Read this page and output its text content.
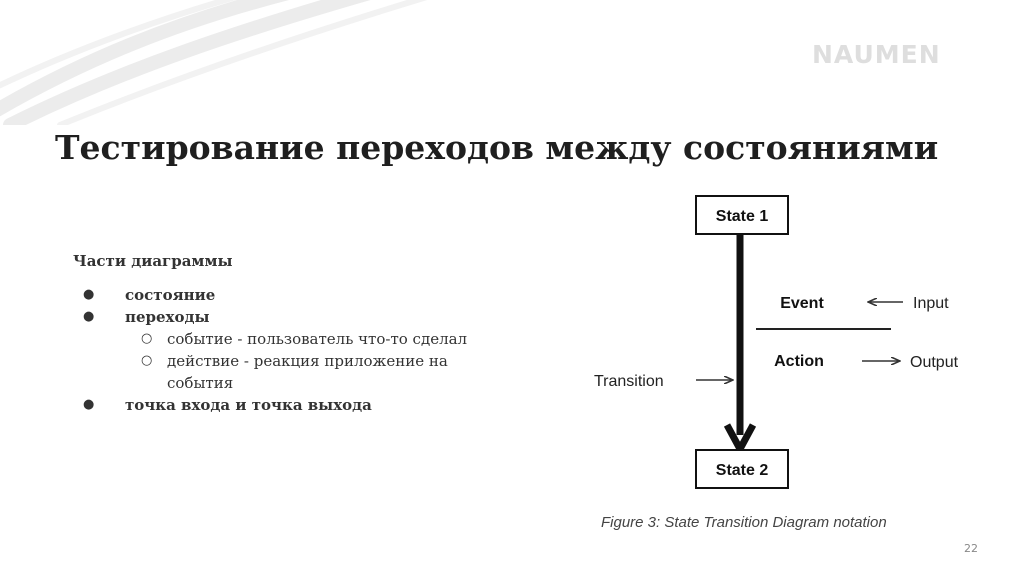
NAUMEN
Тестирование переходов между состояниями
Части диаграммы
●	состояние
●	переходы
○ событие - пользователь что-то сделал
○ действие - реакция приложение на события
●	точка входа и точка выхода
State 1
State 2
Event
Action
Input
Output
Transition
Figure 3: State Transition Diagram notation
22
